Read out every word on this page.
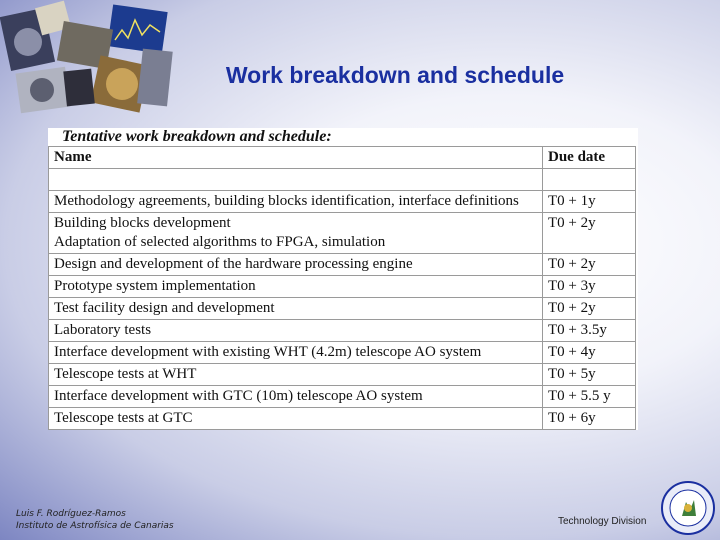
Work breakdown and schedule
Tentative work breakdown and schedule:
Name	Due date

Methodology agreements, building blocks identification, interface definitions	T0 + 1y
Building blocks development
Adaptation of selected algorithms to FPGA, simulation	T0 + 2y
Design and development of the hardware processing engine	T0 + 2y
Prototype system implementation	T0 + 3y
Test facility design and development	T0 + 2y
Laboratory tests	T0 + 3.5y
Interface development with existing WHT (4.2m) telescope AO system	T0 + 4y
Telescope tests at WHT	T0 + 5y
Interface development with GTC (10m) telescope AO system	T0 + 5.5 y
Telescope tests at GTC	T0 + 6y
Luis F. Rodríguez-Ramos
Instituto de Astrofísica de Canarias	Technology Division
